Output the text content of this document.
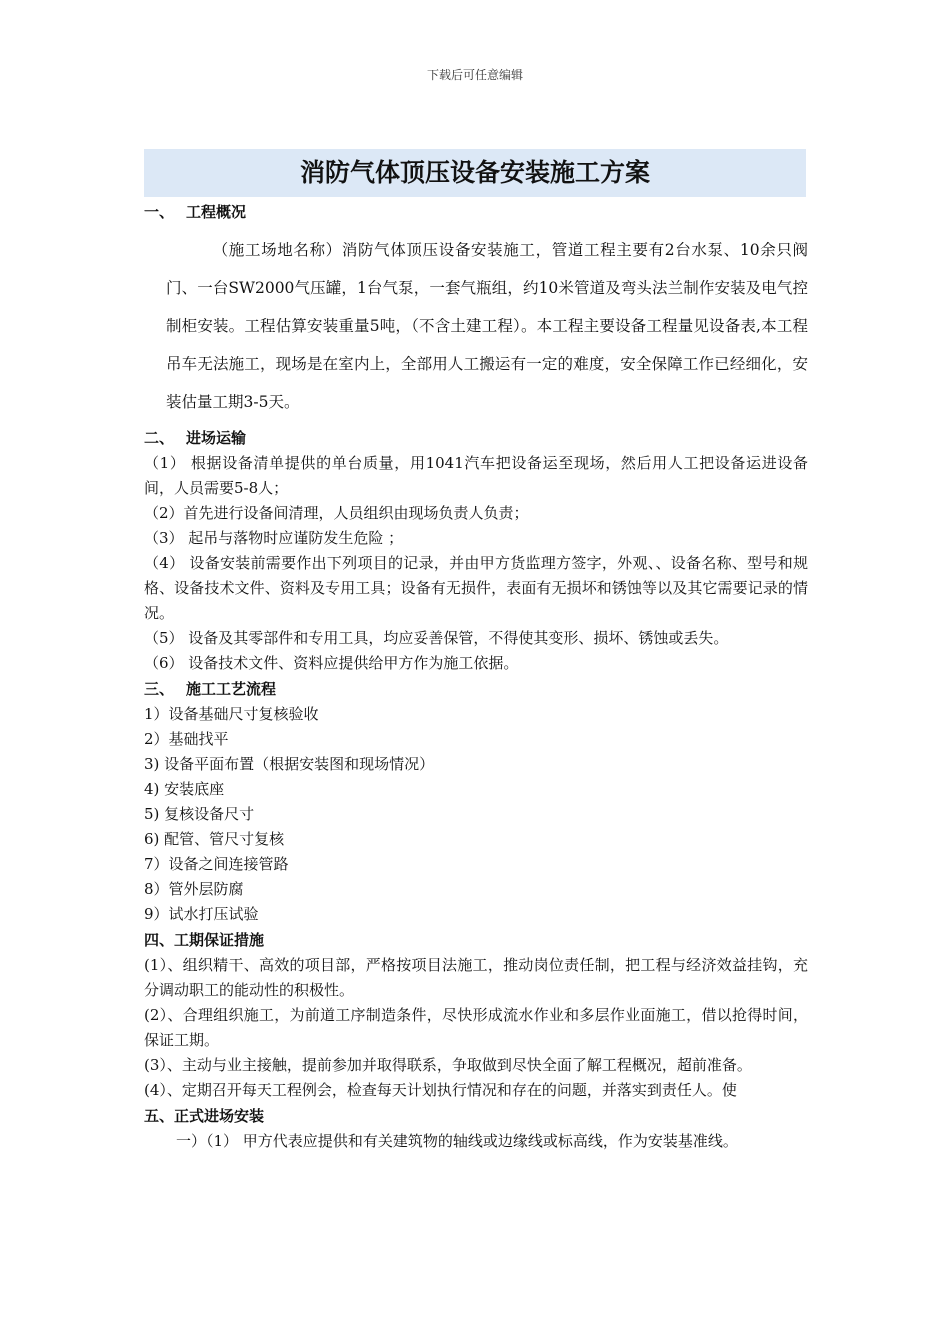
下载后可任意编辑
消防气体顶压设备安装施工方案
一、 工程概况
（施工场地名称）消防气体顶压设备安装施工，管道工程主要有2台水泵、10余只阀门、一台SW2000气压罐，1台气泵，一套气瓶组，约10米管道及弯头法兰制作安装及电气控制柜安装。工程估算安装重量5吨，（不含土建工程）。本工程主要设备工程量见设备表,本工程吊车无法施工，现场是在室内上，全部用人工搬运有一定的难度，安全保障工作已经细化，安装估量工期3-5天。
二、 进场运输

（1） 根据设备清单提供的单台质量，用1041汽车把设备运至现场，然后用人工把设备运进设备间，人员需要5-8人；

（2）首先进行设备间清理，人员组织由现场负责人负责；

（3） 起吊与落物时应谨防发生危险 ；

（4） 设备安装前需要作出下列项目的记录，并由甲方货监理方签字，外观、、设备名称、型号和规格、设备技术文件、资料及专用工具；设备有无损件，表面有无损坏和锈蚀等以及其它需要记录的情况。

（5） 设备及其零部件和专用工具，均应妥善保管，不得使其变形、损坏、锈蚀或丢失。

（6） 设备技术文件、资料应提供给甲方作为施工依据。

三、 施工工艺流程
1）设备基础尺寸复核验收
2）基础找平
3) 设备平面布置（根据安装图和现场情况）
4) 安装底座
5) 复核设备尺寸
6) 配管、管尺寸复核
7）设备之间连接管路
8）管外层防腐
9）试水打压试验
四、工期保证措施

(1）、组织精干、高效的项目部，严格按项目法施工，推动岗位责任制，把工程与经济效益挂钩，充分调动职工的能动性的积极性。

(2）、合理组织施工，为前道工序制造条件，尽快形成流水作业和多层作业面施工，借以抢得时间，保证工期。

(3）、主动与业主接触，提前参加并取得联系，争取做到尽快全面了解工程概况，超前准备。

(4）、定期召开每天工程例会，检查每天计划执行情况和存在的问题，并落实到责任人。使

五、正式进场安装
一）（1） 甲方代表应提供和有关建筑物的轴线或边缘线或标高线，作为安装基准线。
